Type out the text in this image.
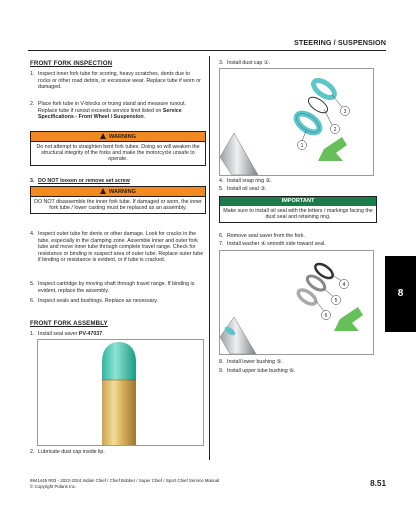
STEERING / SUSPENSION
FRONT FORK INSPECTION
1. Inspect inner fork tube for scoring, heavy scratches, dents due to rocks or other road debris, or excessive wear. Replace tube if worn or damaged.
2. Place fork tube in V-blocks or truing stand and measure runout. Replace tube if runout exceeds service limit listed on Service Specifications - Front Wheel / Suspension.
WARNING
Do not attempt to straighten bent fork tubes. Doing so will weaken the structural integrity of the forks and make the motorcycle unsafe to operate.
3. DO NOT loosen or remove set screw
WARNING
DO NOT disassemble the inner fork tube. If damaged or worn, the inner fork tube / lower casting must be replaced as an assembly.
4. Inspect outer tube for dents or other damage. Look for cracks in the tube, especially in the clamping zone. Assemble inner and outer fork tube and move inner tube through complete travel range. Check for resistance or binding in suspect area of outer tube. Replace outer tube if binding or resistance is evident, or if tube is cracked.
5. Inspect cartridge by moving shaft through travel range. If binding is evident, replace the assembly.
6. Inspect seals and bushings. Replace as necessary.
FRONT FORK ASSEMBLY
1. Install seal saver PV-47037.
2. Lubricate dust cap inside lip.
3. Install dust cap ①.
3
2
1
4. Install snap ring ②.
5. Install oil seal ③.
IMPORTANT
Make sure to install oil seal with the letters / markings facing the dust seal and retaining ring.
6. Remove seal saver from the fork.
7. Install washer ④ smooth side toward seal.
4
5
6
8. Install lower bushing ⑤.
9. Install upper tube bushing ⑥.
8
9941445 R03 - 2022-2024 Indian Chief / Chief Bobber / Super Chief / Sport Chief Service Manual
© Copyright Polaris Inc.	8.51
